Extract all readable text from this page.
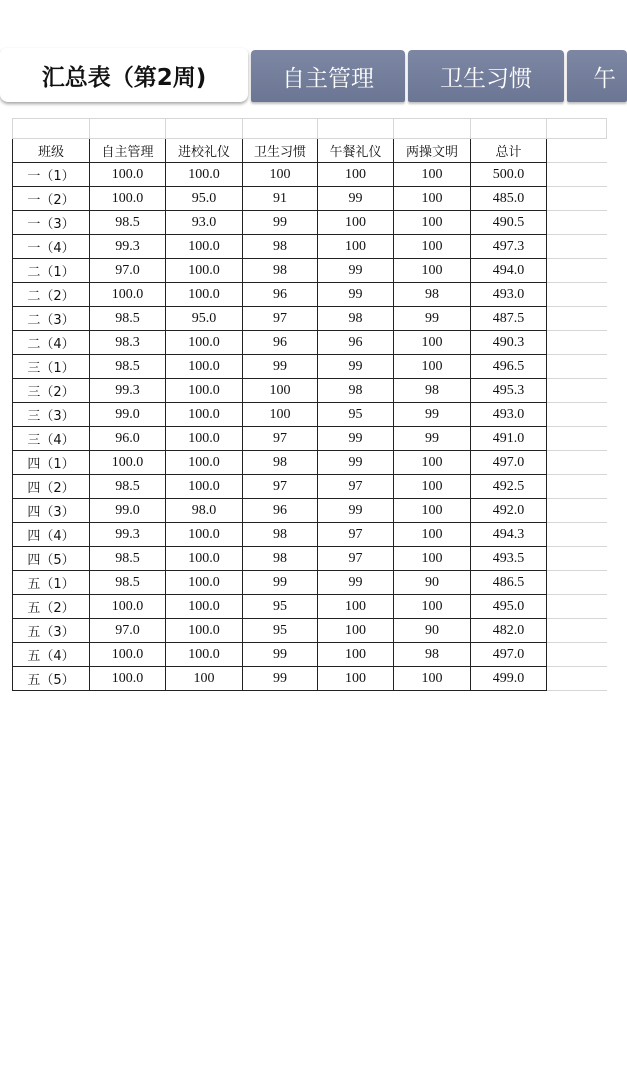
汇总表（第2周)	自主管理	卫生习惯	午

班级	自主管理	进校礼仪	卫生习惯	午餐礼仪	两操文明	总计	
一（1）	100.0	100.0	100	100	100	500.0	
一（2）	100.0	95.0	91	99	100	485.0	
一（3）	98.5	93.0	99	100	100	490.5	
一（4）	99.3	100.0	98	100	100	497.3	
二（1）	97.0	100.0	98	99	100	494.0	
二（2）	100.0	100.0	96	99	98	493.0	
二（3）	98.5	95.0	97	98	99	487.5	
二（4）	98.3	100.0	96	96	100	490.3	
三（1）	98.5	100.0	99	99	100	496.5	
三（2）	99.3	100.0	100	98	98	495.3	
三（3）	99.0	100.0	100	95	99	493.0	
三（4）	96.0	100.0	97	99	99	491.0	
四（1）	100.0	100.0	98	99	100	497.0	
四（2）	98.5	100.0	97	97	100	492.5	
四（3）	99.0	98.0	96	99	100	492.0	
四（4）	99.3	100.0	98	97	100	494.3	
四（5）	98.5	100.0	98	97	100	493.5	
五（1）	98.5	100.0	99	99	90	486.5	
五（2）	100.0	100.0	95	100	100	495.0	
五（3）	97.0	100.0	95	100	90	482.0	
五（4）	100.0	100.0	99	100	98	497.0	
五（5）	100.0	100	99	100	100	499.0	
